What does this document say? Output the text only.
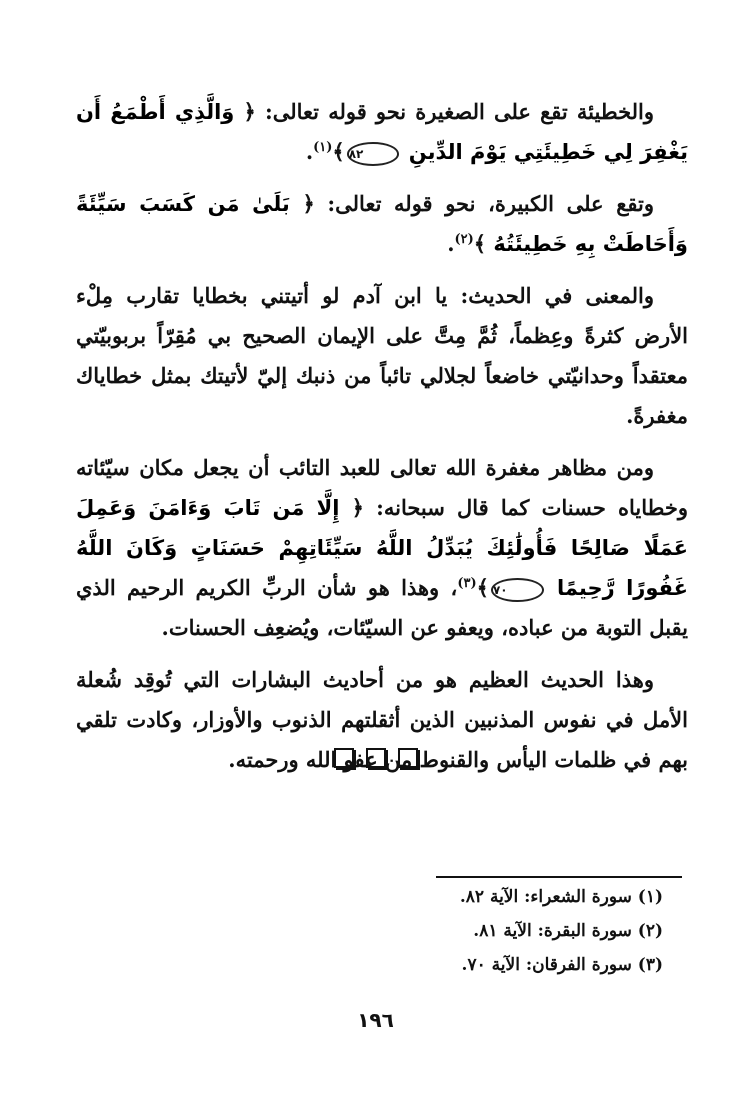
والخطيئة تقع على الصغيرة نحو قوله تعالى: ﴿ وَالَّذِي أَطْمَعُ أَن يَغْفِرَ لِي خَطِيئَتِي يَوْمَ الدِّينِ ٨٢﴾$^{(١)}$.

وتقع على الكبيرة، نحو قوله تعالى: ﴿ بَلَىٰ مَن كَسَبَ سَيِّئَةً وَأَحَاطَتْ بِهِ خَطِيئَتُهُ ﴾$^{(٢)}$.

والمعنى في الحديث: يا ابن آدم لو أتيتني بخطايا تقارب مِلْء الأرض كثرةً وعِظماً، ثُمَّ مِتَّ على الإيمان الصحيح بي مُقِرّاً بربوبيّتي معتقداً وحدانيّتي خاضعاً لجلالي تائباً من ذنبك إليّ لأتيتك بمثل خطاياك مغفرةً.

ومن مظاهر مغفرة الله تعالى للعبد التائب أن يجعل مكان سيّئاته وخطاياه حسنات كما قال سبحانه: ﴿ إِلَّا مَن تَابَ وَءَامَنَ وَعَمِلَ عَمَلًا صَالِحًا فَأُولَٰئِكَ يُبَدِّلُ اللَّهُ سَيِّئَاتِهِمْ حَسَنَاتٍ وَكَانَ اللَّهُ غَفُورًا رَّحِيمًا ٧٠﴾$^{(٣)}$، وهذا هو شأن الربِّ الكريم الرحيم الذي يقبل التوبة من عباده، ويعفو عن السيّئات، ويُضعِف الحسنات.

وهذا الحديث العظيم هو من أحاديث البشارات التي تُوقِد شُعلة الأمل في نفوس المذنبين الذين أثقلتهم الذنوب والأوزار، وكادت تلقي بهم في ظلمات اليأس والقنوط من عفو الله ورحمته.

(١) سورة الشعراء: الآية ٨٢.
(٢) سورة البقرة: الآية ٨١.
(٣) سورة الفرقان: الآية ٧٠.
١٩٦
